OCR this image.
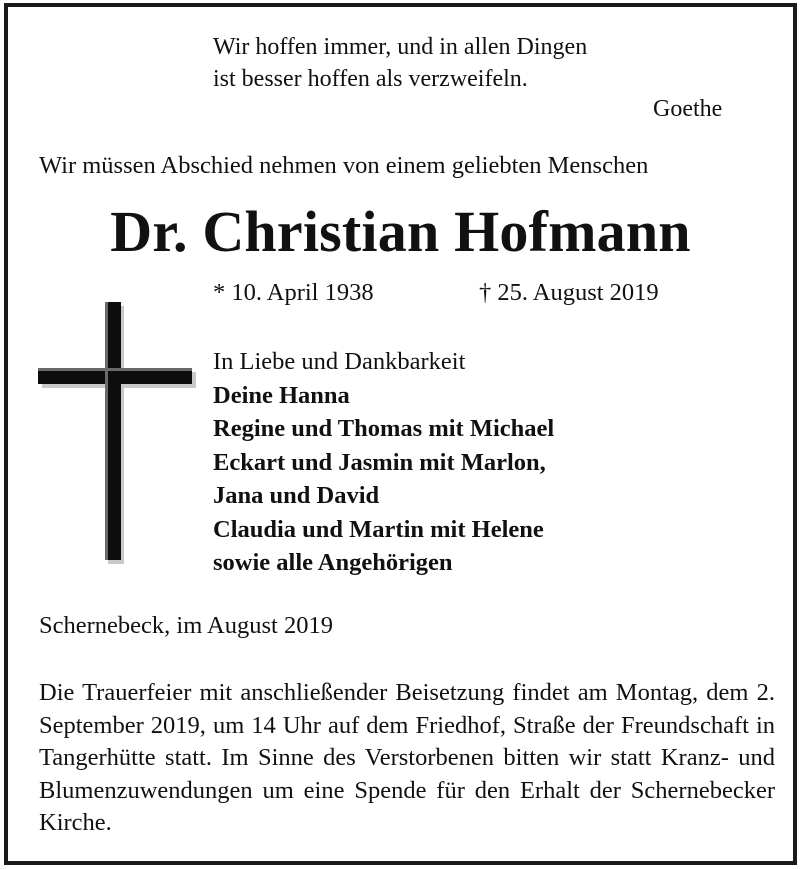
Wir hoffen immer, und in allen Dingen
ist besser hoffen als verzweifeln.
Goethe
Wir müssen Abschied nehmen von einem geliebten Menschen
Dr. Christian Hofmann
* 10. April 1938	† 25. August 2019
In Liebe und Dankbarkeit
Deine Hanna
Regine und Thomas mit Michael
Eckart und Jasmin mit Marlon,
Jana und David
Claudia und Martin mit Helene
sowie alle Angehörigen
Schernebeck, im August 2019
Die Trauerfeier mit anschließender Beisetzung findet am Montag, dem 2. September 2019, um 14 Uhr auf dem Friedhof, Straße der Freundschaft in Tangerhütte statt. Im Sinne des Verstorbenen bitten wir statt Kranz- und Blumenzuwendungen um eine Spende für den Erhalt der Schernebecker Kirche.
